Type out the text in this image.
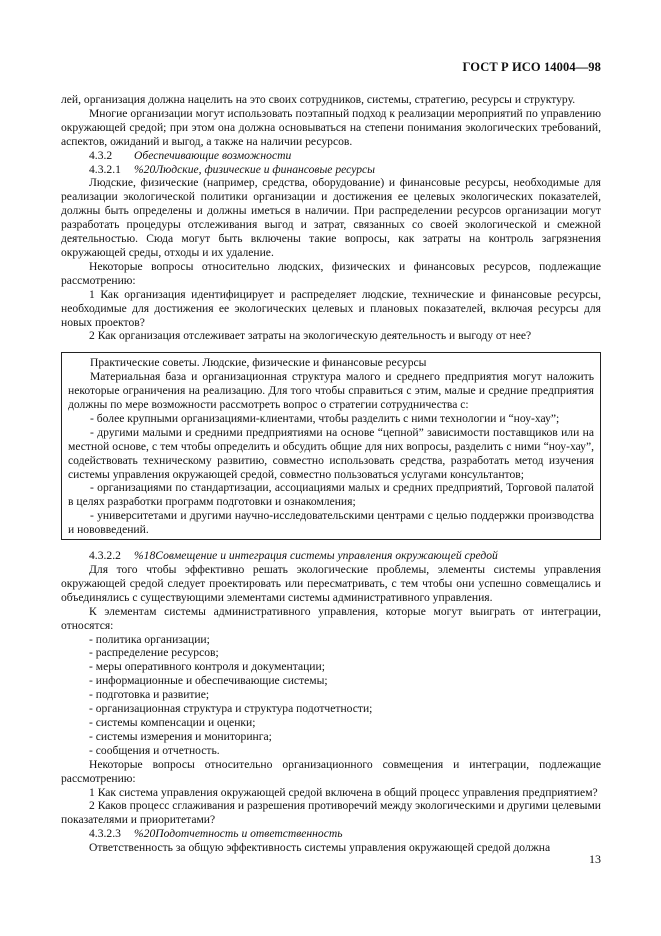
ГОСТ Р ИСО 14004—98

лей, организация должна нацелить на это своих сотрудников, системы, стратегию, ресурсы и структуру.

Многие организации могут использовать поэтапный подход к реализации мероприятий по управлению окружающей средой; при этом она должна основываться на степени понимания экологических требований, аспектов, ожиданий и выгод, а также на наличии ресурсов.

4.3.2 Обеспечивающие возможности

4.3.2.1 %20Людские, физические и финансовые ресурсы

Людские, физические (например, средства, оборудование) и финансовые ресурсы, необходимые для реализации экологической политики организации и достижения ее целевых экологических показателей, должны быть определены и должны иметься в наличии. При распределении ресурсов организации могут разработать процедуры отслеживания выгод и затрат, связанных со своей экологической и смежной деятельностью. Сюда могут быть включены такие вопросы, как затраты на контроль загрязнения окружающей среды, отходы и их удаление.

Некоторые вопросы относительно людских, физических и финансовых ресурсов, подлежащие рассмотрению:

1 Как организация идентифицирует и распределяет людские, технические и финансовые ресурсы, необходимые для достижения ее экологических целевых и плановых показателей, включая ресурсы для новых проектов?

2 Как организация отслеживает затраты на экологическую деятельность и выгоду от нее?

Практические советы. Людские, физические и финансовые ресурсы

Материальная база и организационная структура малого и среднего предприятия могут наложить некоторые ограничения на реализацию. Для того чтобы справиться с этим, малые и средние предприятия должны по мере возможности рассмотреть вопрос о стратегии сотрудничества с:

- более крупными организациями-клиентами, чтобы разделить с ними технологии и “ноу-хау”;

- другими малыми и средними предприятиями на основе “цепной” зависимости поставщиков или на местной основе, с тем чтобы определить и обсудить общие для них вопросы, разделить с ними “ноу-хау”, содействовать техническому развитию, совместно использовать средства, разработать метод изучения системы управления окружающей средой, совместно пользоваться услугами консультантов;

- организациями по стандартизации, ассоциациями малых и средних предприятий, Торговой палатой в целях разработки программ подготовки и ознакомления;

- университетами и другими научно-исследовательскими центрами с целью поддержки производства и нововведений.

4.3.2.2 %18Совмещение и интеграция системы управления окружающей средой

Для того чтобы эффективно решать экологические проблемы, элементы системы управления окружающей средой следует проектировать или пересматривать, с тем чтобы они успешно совмещались и объединялись с существующими элементами системы административного управления.

К элементам системы административного управления, которые могут выиграть от интеграции, относятся:

- политика организации;

- распределение ресурсов;

- меры оперативного контроля и документации;

- информационные и обеспечивающие системы;

- подготовка и развитие;

- организационная структура и структура подотчетности;

- системы компенсации и оценки;

- системы измерения и мониторинга;

- сообщения и отчетность.

Некоторые вопросы относительно организационного совмещения и интеграции, подлежащие рассмотрению:

1 Как система управления окружающей средой включена в общий процесс управления предприятием?

2 Каков процесс сглаживания и разрешения противоречий между экологическими и другими целевыми показателями и приоритетами?

4.3.2.3 %20Подотчетность и ответственность

Ответственность за общую эффективность системы управления окружающей средой должна

13
